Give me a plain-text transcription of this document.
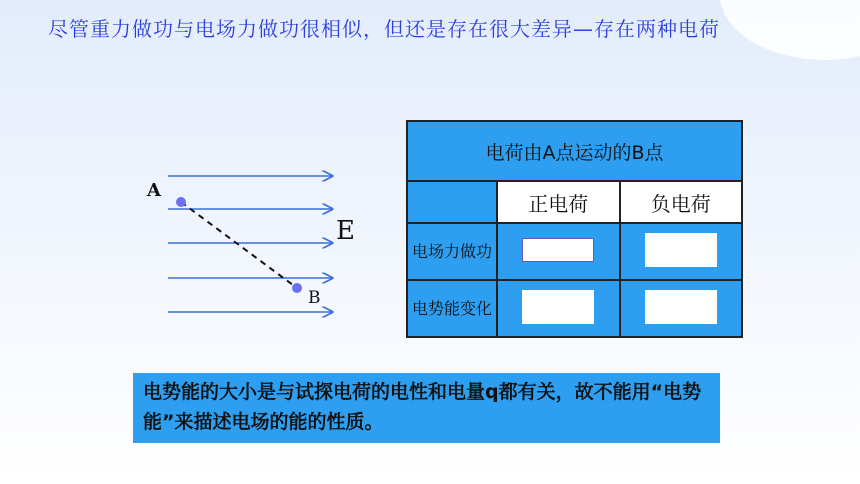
尽管重力做功与电场力做功很相似，但还是存在很大差异—存在两种电荷
A
B
E
电荷由A点运动的B点		
	正电荷	负电荷
电场力做功		
电势能变化		
电势能的大小是与试探电荷的电性和电量q都有关，故不能用“电势能”来描述电场的能的性质。
